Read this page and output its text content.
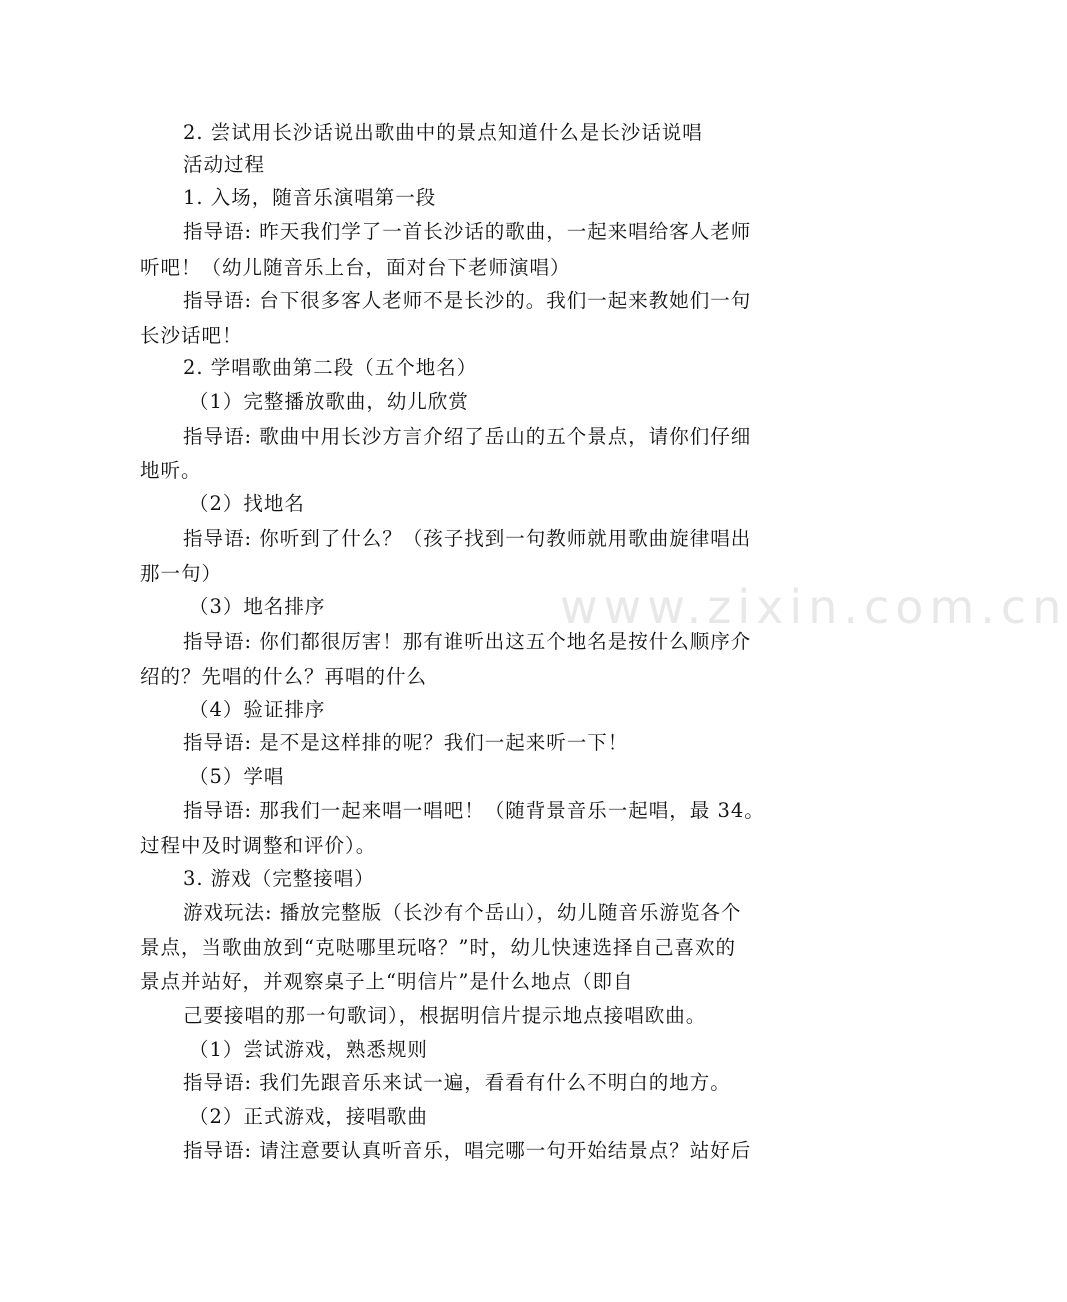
www.zixin.com.cn
2. 尝试用长沙话说出歌曲中的景点知道什么是长沙话说唱
活动过程
1. 入场，随音乐演唱第一段
指导语: 昨天我们学了一首长沙话的歌曲，一起来唱给客人老师
听吧！（幼儿随音乐上台，面对台下老师演唱）
指导语: 台下很多客人老师不是长沙的。我们一起来教她们一句
长沙话吧！
2. 学唱歌曲第二段（五个地名）
（1）完整播放歌曲，幼儿欣赏
指导语: 歌曲中用长沙方言介绍了岳山的五个景点，请你们仔细
地听。
（2）找地名
指导语: 你听到了什么？（孩子找到一句教师就用歌曲旋律唱出
那一句）
（3）地名排序
指导语: 你们都很厉害！那有谁听出这五个地名是按什么顺序介
绍的？先唱的什么？再唱的什么
（4）验证排序
指导语: 是不是这样排的呢？我们一起来听一下！
（5）学唱
指导语: 那我们一起来唱一唱吧！（随背景音乐一起唱，最 34。
过程中及时调整和评价）。
3. 游戏（完整接唱）
游戏玩法: 播放完整版（长沙有个岳山），幼儿随音乐游览各个
景点，当歌曲放到“克哒哪里玩咯？”时，幼儿快速选择自己喜欢的
景点并站好，并观察桌子上“明信片”是什么地点（即自
己要接唱的那一句歌词），根据明信片提示地点接唱欧曲。
（1）尝试游戏，熟悉规则
指导语: 我们先跟音乐来试一遍，看看有什么不明白的地方。
（2）正式游戏，接唱歌曲
指导语: 请注意要认真听音乐，唱完哪一句开始结景点？站好后
